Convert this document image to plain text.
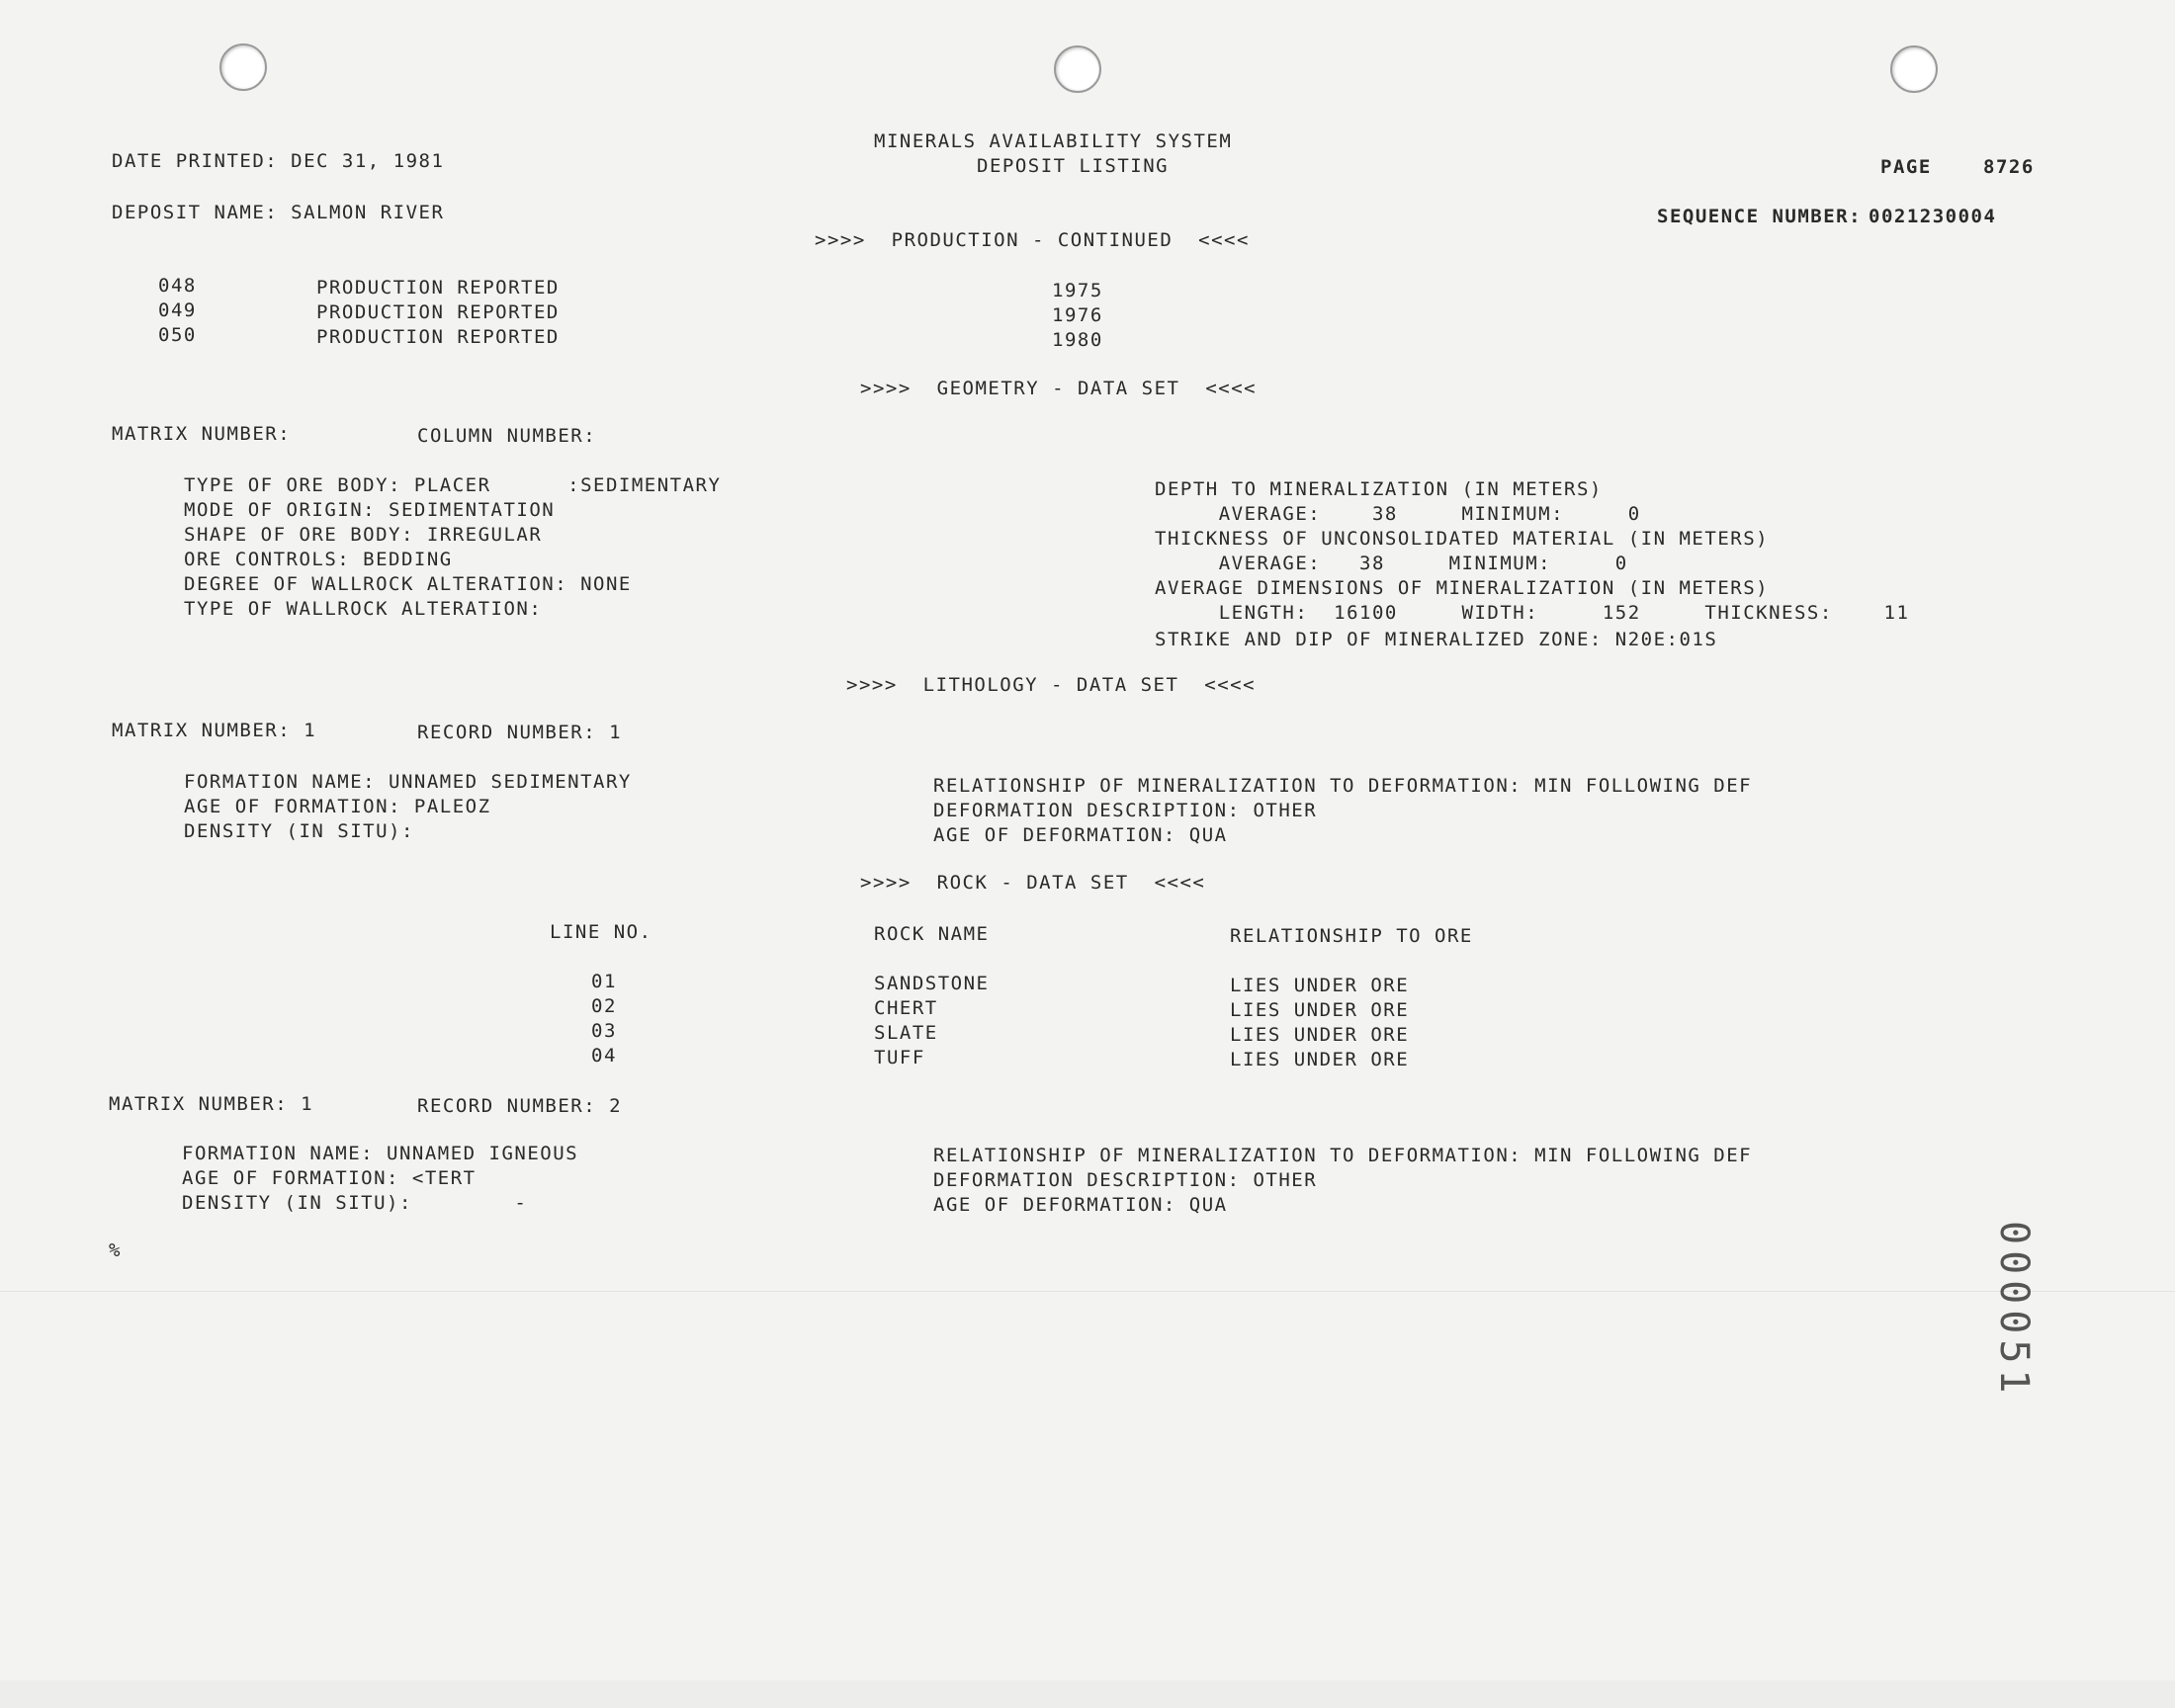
DATE PRINTED: DEC 31, 1981
MINERALS AVAILABILITY SYSTEM
DEPOSIT LISTING	PAGE	8726
DEPOSIT NAME: SALMON RIVER	SEQUENCE NUMBER: 0021230004
>>>>  PRODUCTION - CONTINUED  <<<<
048	PRODUCTION REPORTED	1975
049	PRODUCTION REPORTED	1976
050	PRODUCTION REPORTED	1980
>>>>  GEOMETRY - DATA SET  <<<<
MATRIX NUMBER:	COLUMN NUMBER:
TYPE OF ORE BODY: PLACER      :SEDIMENTARY
MODE OF ORIGIN: SEDIMENTATION
SHAPE OF ORE BODY: IRREGULAR
ORE CONTROLS: BEDDING
DEGREE OF WALLROCK ALTERATION: NONE
TYPE OF WALLROCK ALTERATION:
DEPTH TO MINERALIZATION (IN METERS)
AVERAGE:    38     MINIMUM:     0
THICKNESS OF UNCONSOLIDATED MATERIAL (IN METERS)
AVERAGE:   38     MINIMUM:     0
AVERAGE DIMENSIONS OF MINERALIZATION (IN METERS)
LENGTH:  16100     WIDTH:     152     THICKNESS:    11
STRIKE AND DIP OF MINERALIZED ZONE: N20E:01S
>>>>  LITHOLOGY - DATA SET  <<<<
MATRIX NUMBER: 1	RECORD NUMBER: 1
FORMATION NAME: UNNAMED SEDIMENTARY
AGE OF FORMATION: PALEOZ
DENSITY (IN SITU):
RELATIONSHIP OF MINERALIZATION TO DEFORMATION: MIN FOLLOWING DEF
DEFORMATION DESCRIPTION: OTHER
AGE OF DEFORMATION: QUA
>>>>  ROCK - DATA SET  <<<<
LINE NO.	ROCK NAME	RELATIONSHIP TO ORE
01	SANDSTONE	LIES UNDER ORE
02	CHERT	LIES UNDER ORE
03	SLATE	LIES UNDER ORE
04	TUFF	LIES UNDER ORE
MATRIX NUMBER: 1	RECORD NUMBER: 2
FORMATION NAME: UNNAMED IGNEOUS
AGE OF FORMATION: <TERT
DENSITY (IN SITU):        -
RELATIONSHIP OF MINERALIZATION TO DEFORMATION: MIN FOLLOWING DEF
DEFORMATION DESCRIPTION: OTHER
AGE OF DEFORMATION: QUA
%	000051
